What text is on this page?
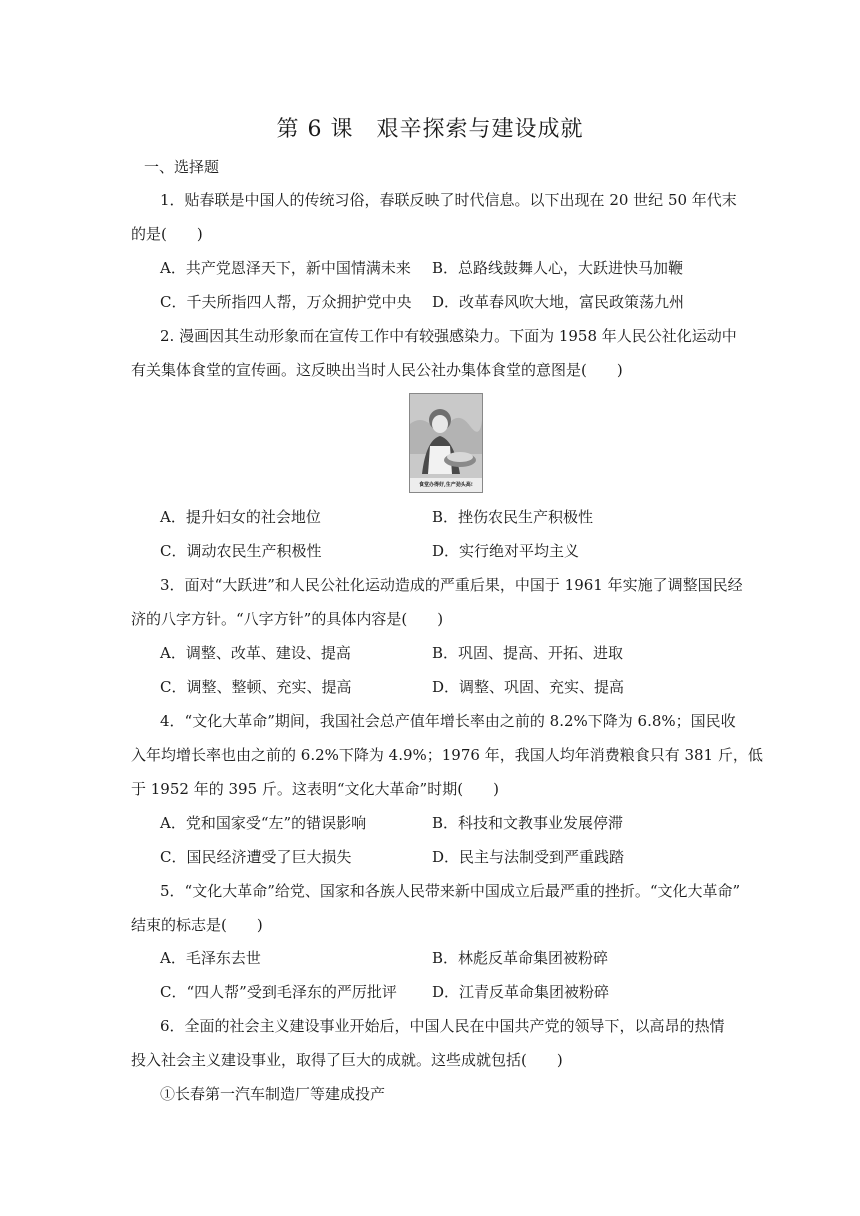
第 6 课　艰辛探索与建设成就
一、选择题
1．贴春联是中国人的传统习俗，春联反映了时代信息。以下出现在 20 世纪 50 年代末
的是(　　)
A．共产党恩泽天下，新中国情满未来 B．总路线鼓舞人心，大跃进快马加鞭
C．千夫所指四人帮，万众拥护党中央 D．改革春风吹大地，富民政策荡九州
2. 漫画因其生动形象而在宣传工作中有较强感染力。下面为 1958 年人民公社化运动中
有关集体食堂的宣传画。这反映出当时人民公社办集体食堂的意图是(　　)
食堂办得好,生产劲头高!
A．提升妇女的社会地位	B．挫伤农民生产积极性
C．调动农民生产积极性	D．实行绝对平均主义
3．面对“大跃进”和人民公社化运动造成的严重后果，中国于 1961 年实施了调整国民经
济的八字方针。“八字方针”的具体内容是(　　)
A．调整、改革、建设、提高	B．巩固、提高、开拓、进取
C．调整、整顿、充实、提高	D．调整、巩固、充实、提高
4．“文化大革命”期间，我国社会总产值年增长率由之前的 8.2%下降为 6.8%；国民收
入年均增长率也由之前的 6.2%下降为 4.9%；1976 年，我国人均年消费粮食只有 381 斤，低
于 1952 年的 395 斤。这表明“文化大革命”时期(　　)
A．党和国家受“左”的错误影响	B．科技和文教事业发展停滞
C．国民经济遭受了巨大损失	D．民主与法制受到严重践踏
5．“文化大革命”给党、国家和各族人民带来新中国成立后最严重的挫折。“文化大革命”
结束的标志是(　　)
A．毛泽东去世	B．林彪反革命集团被粉碎
C．“四人帮”受到毛泽东的严厉批评 D．江青反革命集团被粉碎
6．全面的社会主义建设事业开始后，中国人民在中国共产党的领导下，以高昂的热情
投入社会主义建设事业，取得了巨大的成就。这些成就包括(　　)
①长春第一汽车制造厂等建成投产
